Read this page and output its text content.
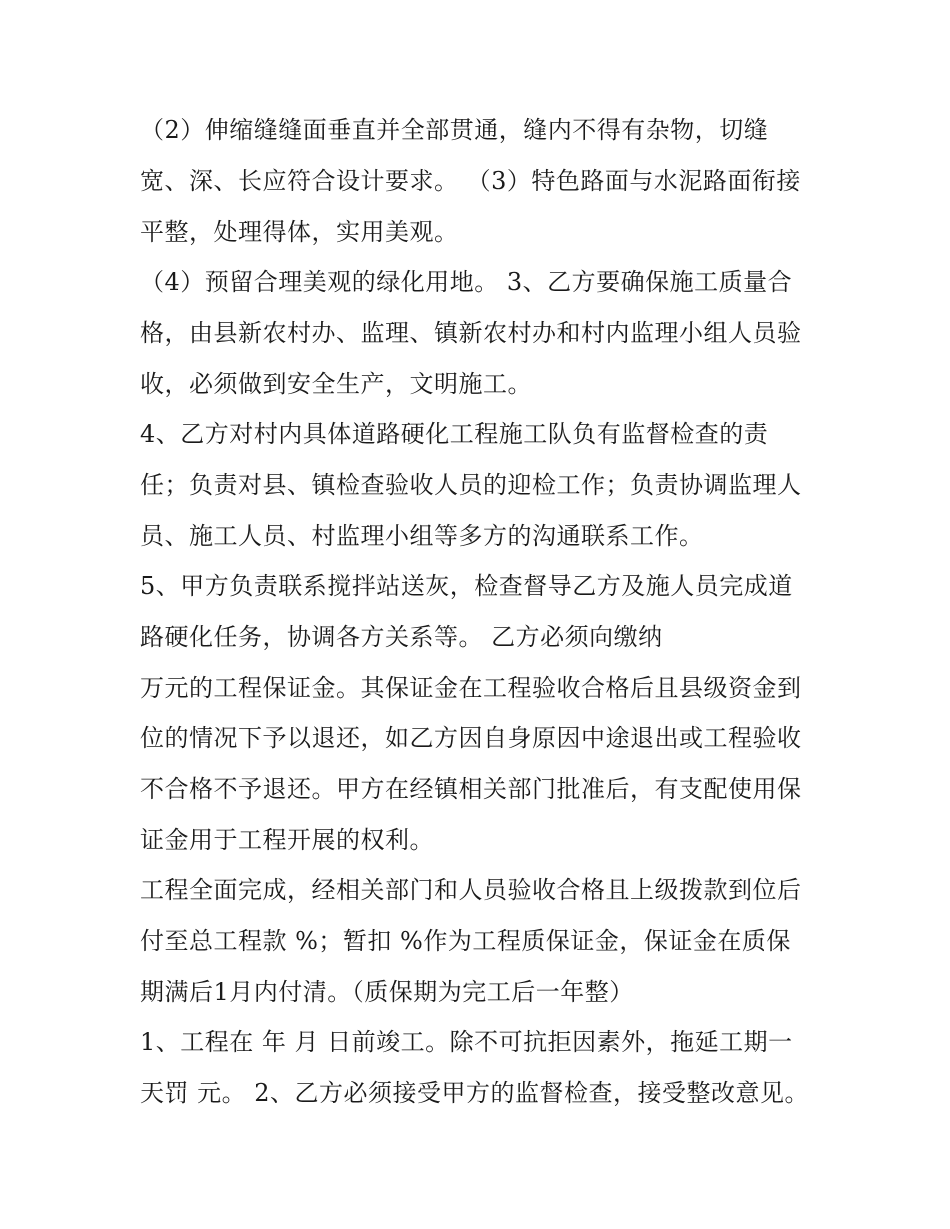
（2）伸缩缝缝面垂直并全部贯通，缝内不得有杂物，切缝
宽、深、长应符合设计要求。 （3）特色路面与水泥路面衔接
平整，处理得体，实用美观。
（4）预留合理美观的绿化用地。 3、乙方要确保施工质量合
格，由县新农村办、监理、镇新农村办和村内监理小组人员验
收，必须做到安全生产，文明施工。
4、乙方对村内具体道路硬化工程施工队负有监督检查的责
任；负责对县、镇检查验收人员的迎检工作；负责协调监理人
员、施工人员、村监理小组等多方的沟通联系工作。
5、甲方负责联系搅拌站送灰，检查督导乙方及施人员完成道
路硬化任务，协调各方关系等。 乙方必须向缴纳
万元的工程保证金。其保证金在工程验收合格后且县级资金到
位的情况下予以退还，如乙方因自身原因中途退出或工程验收
不合格不予退还。甲方在经镇相关部门批准后，有支配使用保
证金用于工程开展的权利。
工程全面完成，经相关部门和人员验收合格且上级拨款到位后
付至总工程款 %；暂扣 %作为工程质保证金，保证金在质保
期满后1月内付清。（质保期为完工后一年整）
1、工程在 年 月 日前竣工。除不可抗拒因素外，拖延工期一
天罚 元。 2、乙方必须接受甲方的监督检查，接受整改意见。
